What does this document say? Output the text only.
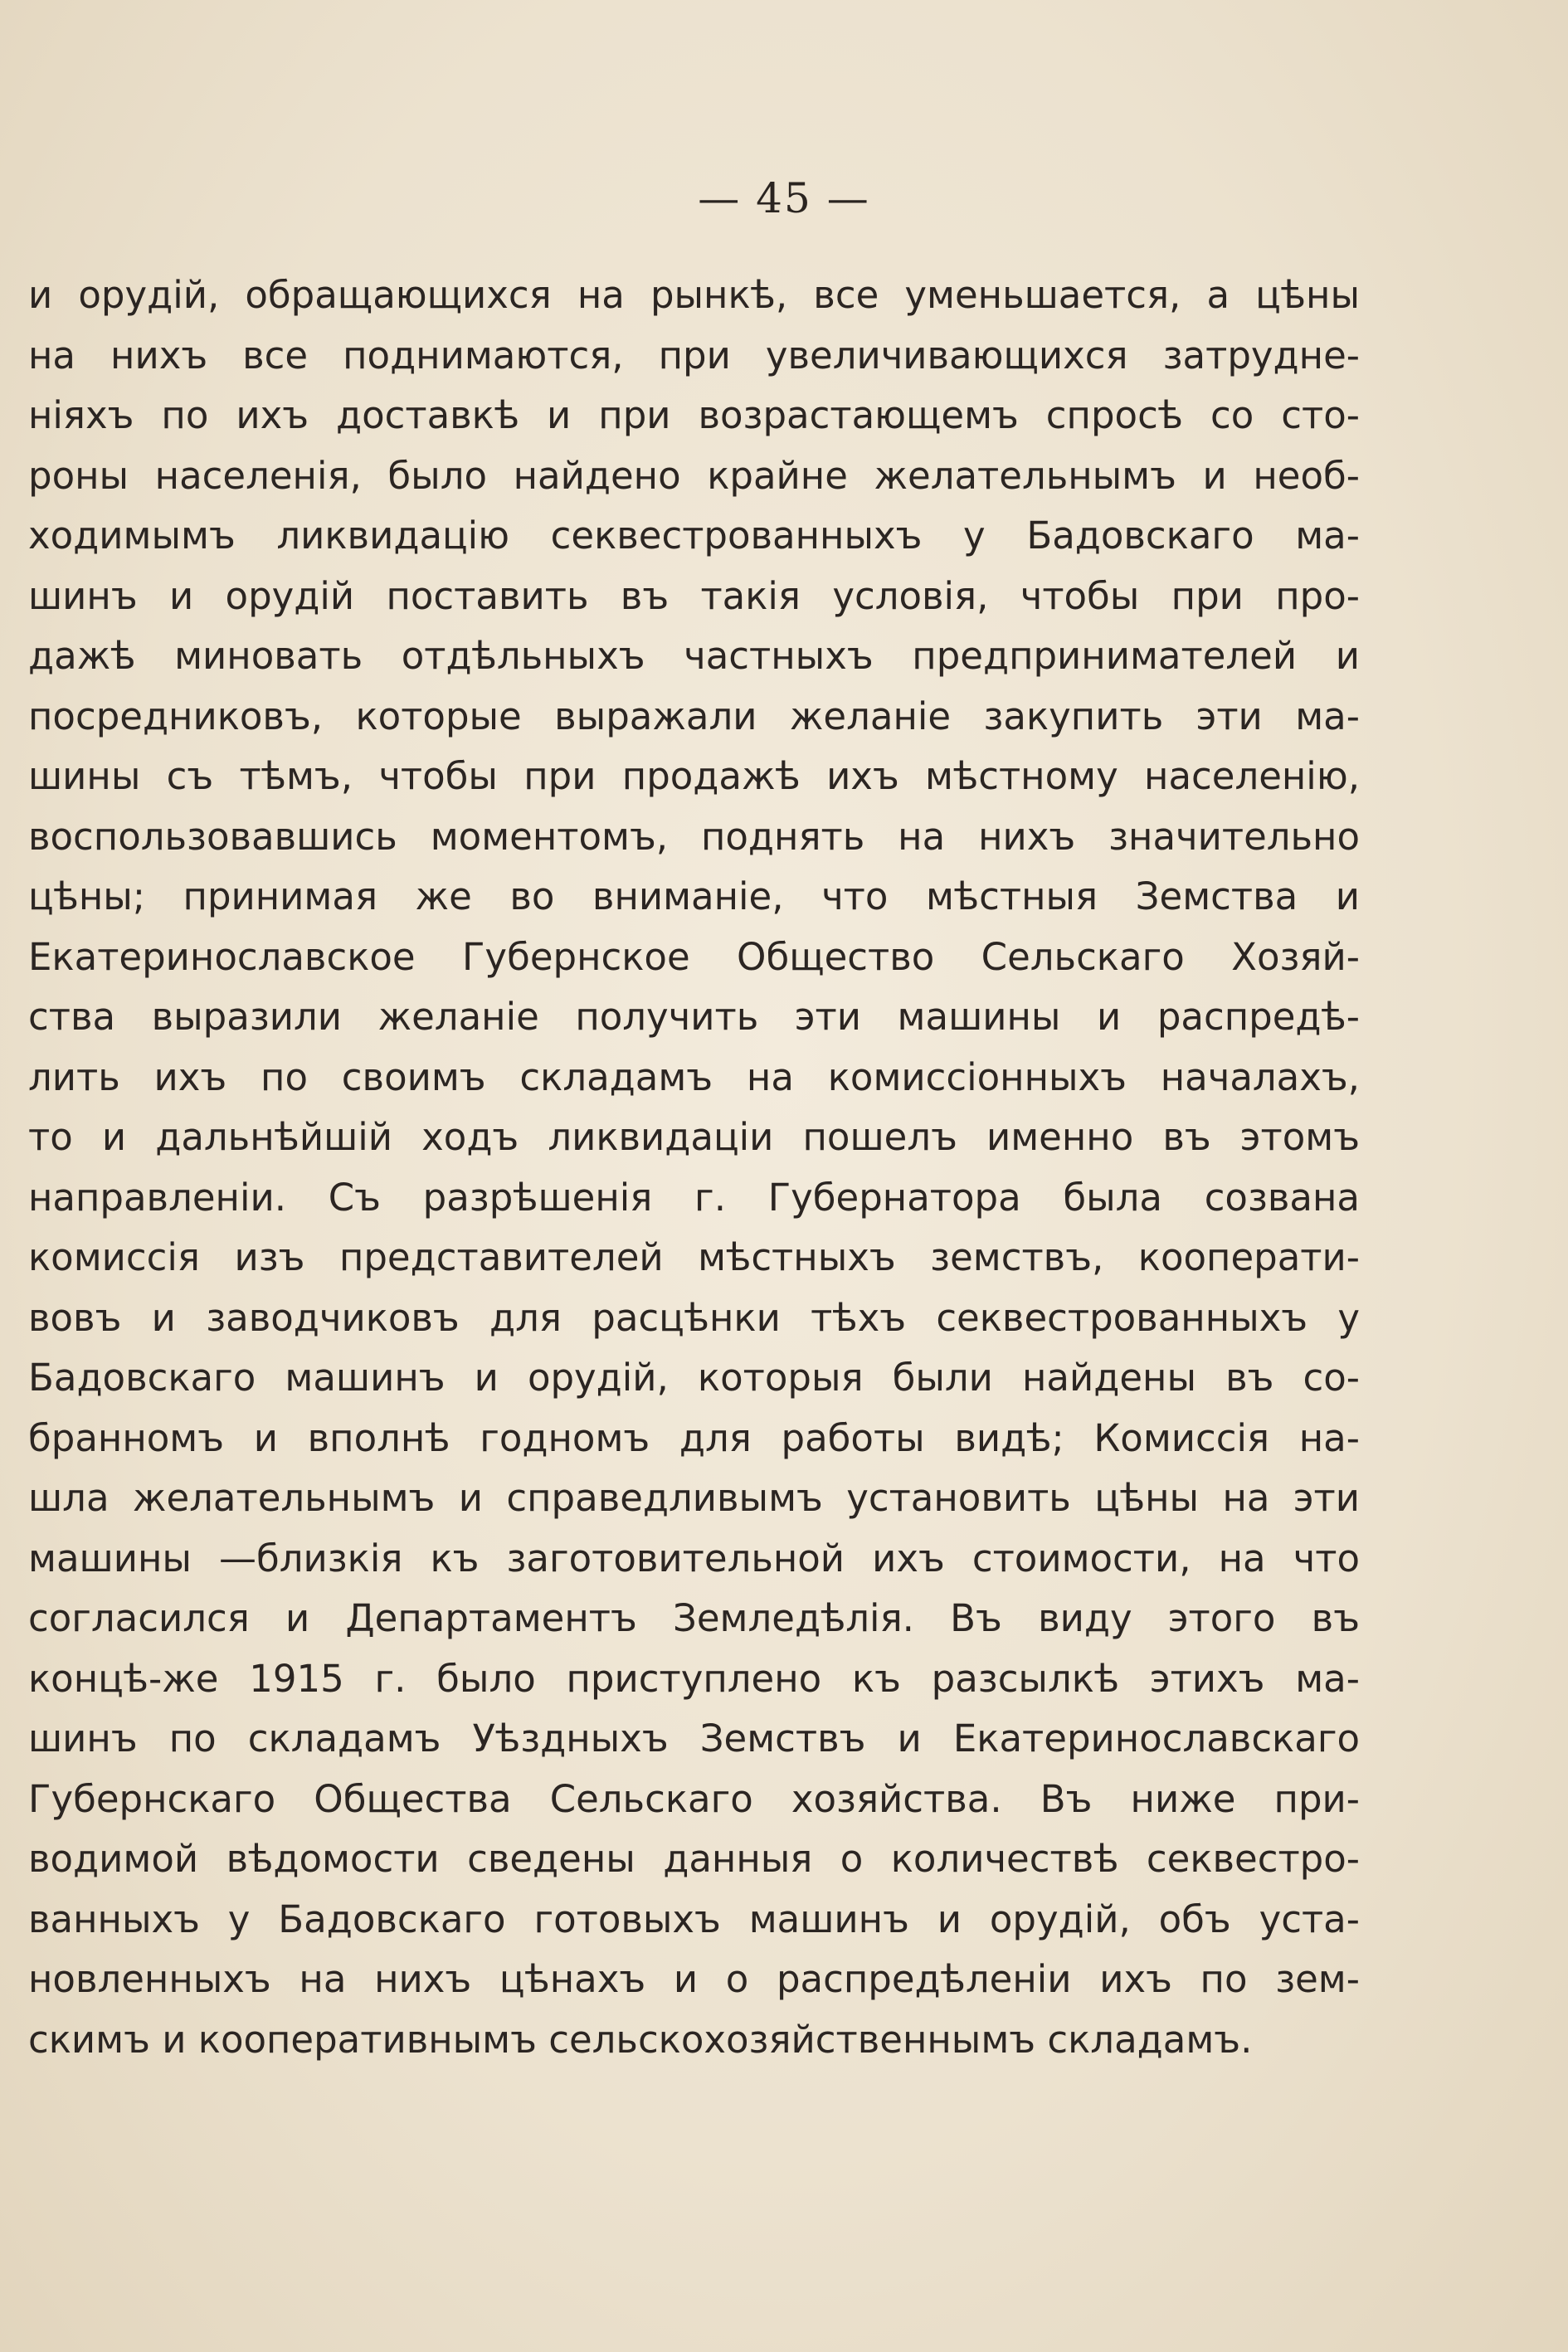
— 45 —
и орудій, обращающихся на рынкѣ, все уменьшается, а цѣны
на нихъ все поднимаются, при увеличивающихся затрудне-
ніяхъ по ихъ доставкѣ и при возрастающемъ спросѣ со сто-
роны населенія, было найдено крайне желательнымъ и необ-
ходимымъ ликвидацію секвестрованныхъ у Бадовскаго ма-
шинъ и орудій поставить въ такія условія, чтобы при про-
дажѣ миновать отдѣльныхъ частныхъ предпринимателей и
посредниковъ, которые выражали желаніе закупить эти ма-
шины съ тѣмъ, чтобы при продажѣ ихъ мѣстному населенію,
воспользовавшись моментомъ, поднять на нихъ значительно
цѣны; принимая же во вниманіе, что мѣстныя Земства и
Екатеринославское Губернское Общество Сельскаго Хозяй-
ства выразили желаніе получить эти машины и распредѣ-
лить ихъ по своимъ складамъ на комиссіонныхъ началахъ,
то и дальнѣйшій ходъ ликвидаціи пошелъ именно въ этомъ
направленіи. Съ разрѣшенія г. Губернатора была созвана
комиссія изъ представителей мѣстныхъ земствъ, кооперати-
вовъ и заводчиковъ для расцѣнки тѣхъ секвестрованныхъ у
Бадовскаго машинъ и орудій, которыя были найдены въ со-
бранномъ и вполнѣ годномъ для работы видѣ; Комиссія на-
шла желательнымъ и справедливымъ установить цѣны на эти
машины —близкія къ заготовительной ихъ стоимости, на что
согласился и Департаментъ Земледѣлія. Въ виду этого въ
концѣ-же 1915 г. было приступлено къ разсылкѣ этихъ ма-
шинъ по складамъ Уѣздныхъ Земствъ и Екатеринославскаго
Губернскаго Общества Сельскаго хозяйства. Въ ниже при-
водимой вѣдомости сведены данныя о количествѣ секвестро-
ванныхъ у Бадовскаго готовыхъ машинъ и орудій, объ уста-
новленныхъ на нихъ цѣнахъ и о распредѣленіи ихъ по зем-
скимъ и кооперативнымъ сельскохозяйственнымъ складамъ.
